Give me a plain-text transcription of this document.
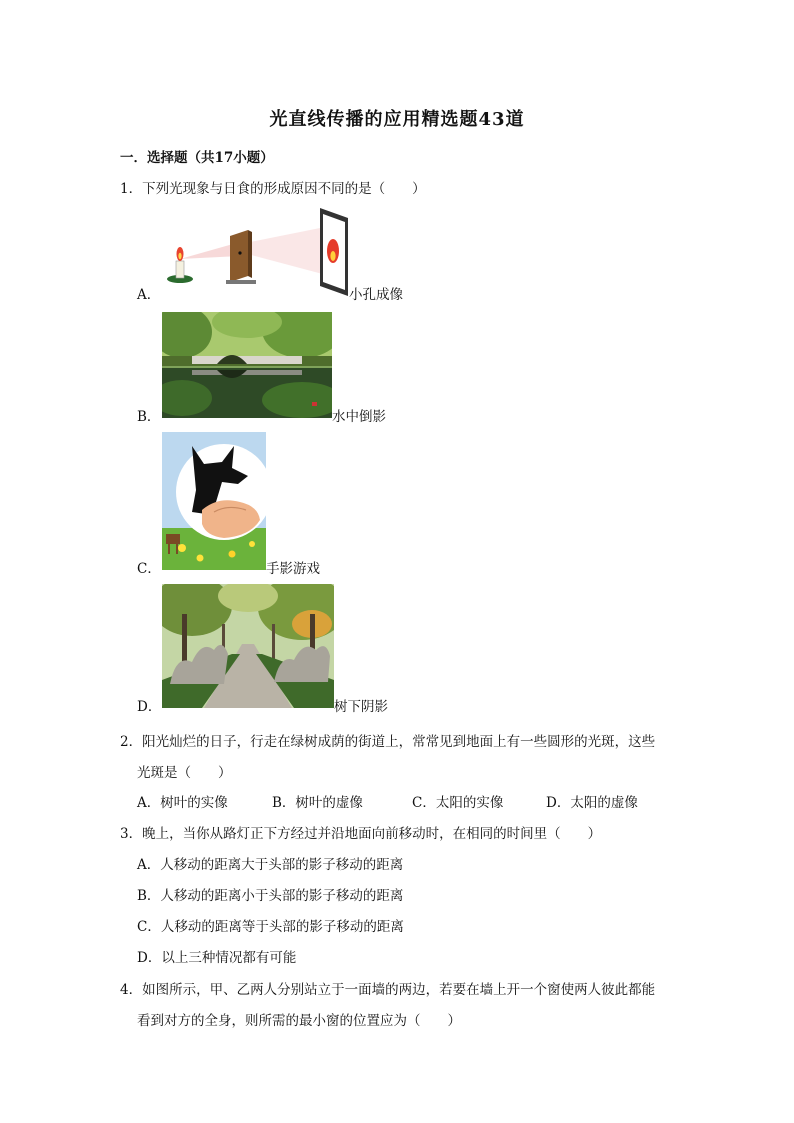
光直线传播的应用精选题43道
一．选择题（共17小题）
1．下列光现象与日食的形成原因不同的是（　　）
A．	小孔成像
B．	水中倒影
C．	手影游戏
D．	树下阴影
2．阳光灿烂的日子，行走在绿树成荫的街道上，常常见到地面上有一些圆形的光斑，这些
光斑是（　　）
A．树叶的实像	B．树叶的虚像	C．太阳的实像	D．太阳的虚像
3．晚上，当你从路灯正下方经过并沿地面向前移动时，在相同的时间里（　　）
A．人移动的距离大于头部的影子移动的距离
B．人移动的距离小于头部的影子移动的距离
C．人移动的距离等于头部的影子移动的距离
D．以上三种情况都有可能
4．如图所示，甲、乙两人分别站立于一面墙的两边，若要在墙上开一个窗使两人彼此都能
看到对方的全身，则所需的最小窗的位置应为（　　）
